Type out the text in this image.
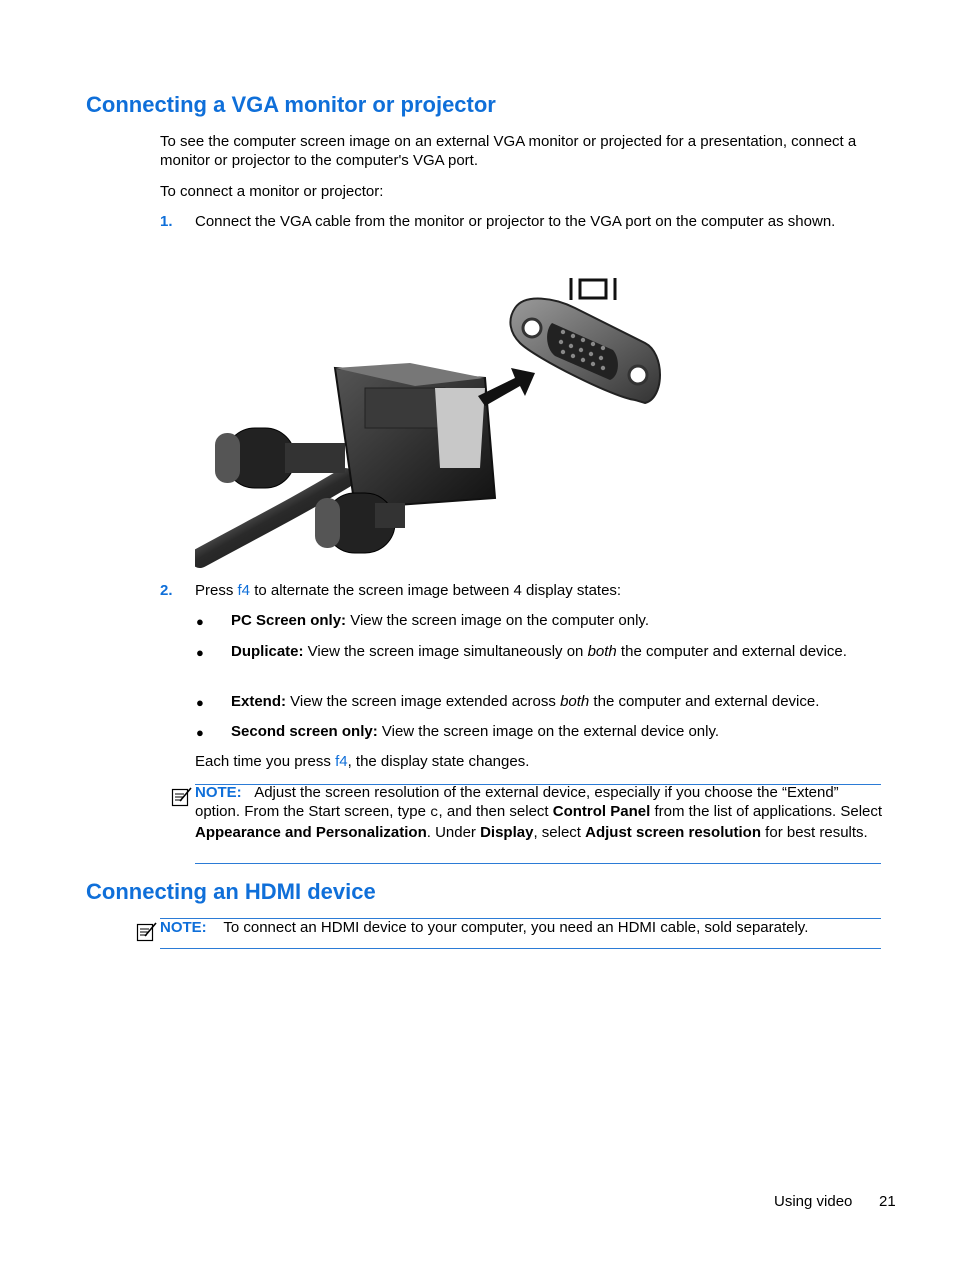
Connecting a VGA monitor or projector

To see the computer screen image on an external VGA monitor or projected for a presentation, connect a monitor or projector to the computer's VGA port.

To connect a monitor or projector:

1. Connect the VGA cable from the monitor or projector to the VGA port on the computer as shown.

2. Press f4 to alternate the screen image between 4 display states:

● PC Screen only: View the screen image on the computer only.

● Duplicate: View the screen image simultaneously on both the computer and external device.

● Extend: View the screen image extended across both the computer and external device.

● Second screen only: View the screen image on the external device only.

Each time you press f4, the display state changes.

NOTE: Adjust the screen resolution of the external device, especially if you choose the “Extend” option. From the Start screen, type c, and then select Control Panel from the list of applications. Select Appearance and Personalization. Under Display, select Adjust screen resolution for best results.

Connecting an HDMI device

NOTE: To connect an HDMI device to your computer, you need an HDMI cable, sold separately.

Using video 21
